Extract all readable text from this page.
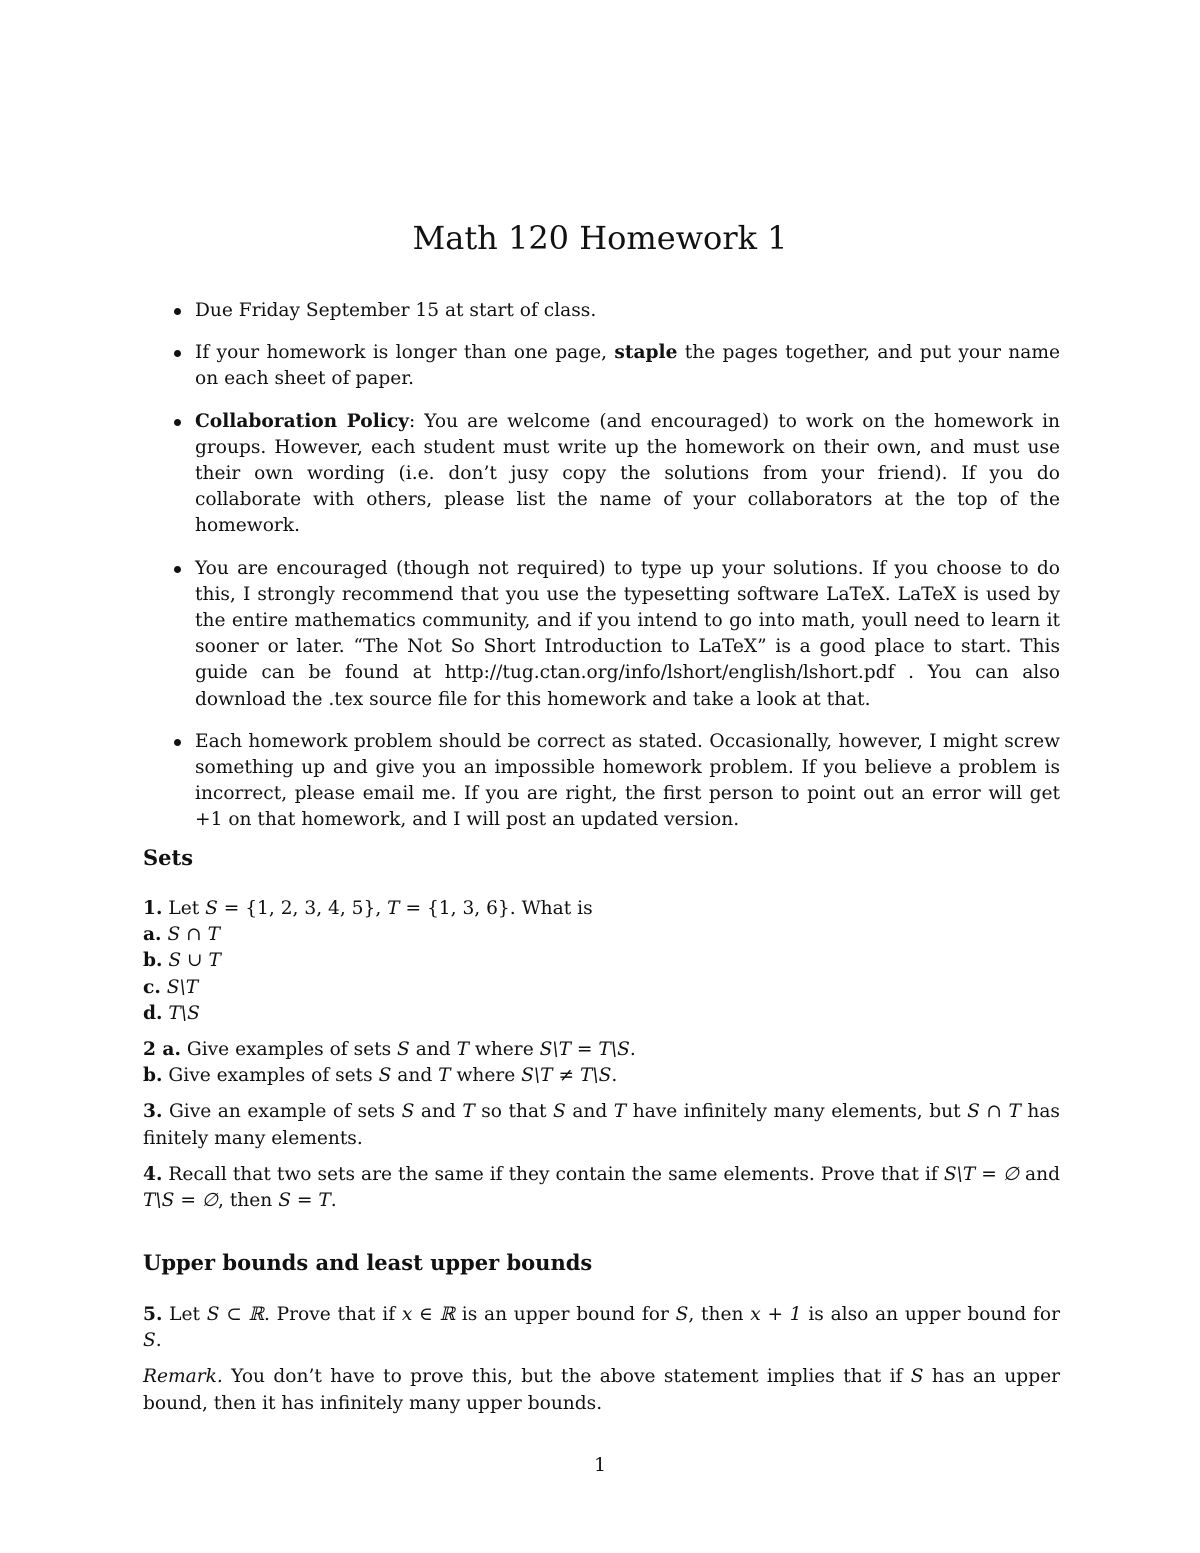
Math 120 Homework 1
Due Friday September 15 at start of class.
If your homework is longer than one page, staple the pages together, and put your name on each sheet of paper.
Collaboration Policy: You are welcome (and encouraged) to work on the homework in groups. However, each student must write up the homework on their own, and must use their own wording (i.e. don’t jusy copy the solutions from your friend). If you do collaborate with others, please list the name of your collaborators at the top of the homework.
You are encouraged (though not required) to type up your solutions. If you choose to do this, I strongly recommend that you use the typesetting software LaTeX. LaTeX is used by the entire mathematics community, and if you intend to go into math, youll need to learn it sooner or later. “The Not So Short Introduction to LaTeX” is a good place to start. This guide can be found at http://tug.ctan.org/info/lshort/english/lshort.pdf . You can also download the .tex source file for this homework and take a look at that.
Each homework problem should be correct as stated. Occasionally, however, I might screw something up and give you an impossible homework problem. If you believe a problem is incorrect, please email me. If you are right, the first person to point out an error will get +1 on that homework, and I will post an updated version.
Sets

1. Let S = {1, 2, 3, 4, 5}, T = {1, 3, 6}. What is

a. S ∩ T

b. S ∪ T

c. S\T

d. T\S

2 a. Give examples of sets S and T where S\T = T\S.

b. Give examples of sets S and T where S\T ≠ T\S.

3. Give an example of sets S and T so that S and T have infinitely many elements, but S ∩ T has finitely many elements.

4. Recall that two sets are the same if they contain the same elements. Prove that if S\T = ∅ and T\S = ∅, then S = T.

Upper bounds and least upper bounds

5. Let S ⊂ ℝ. Prove that if x ∈ ℝ is an upper bound for S, then x + 1 is also an upper bound for S.

Remark. You don’t have to prove this, but the above statement implies that if S has an upper bound, then it has infinitely many upper bounds.

1
